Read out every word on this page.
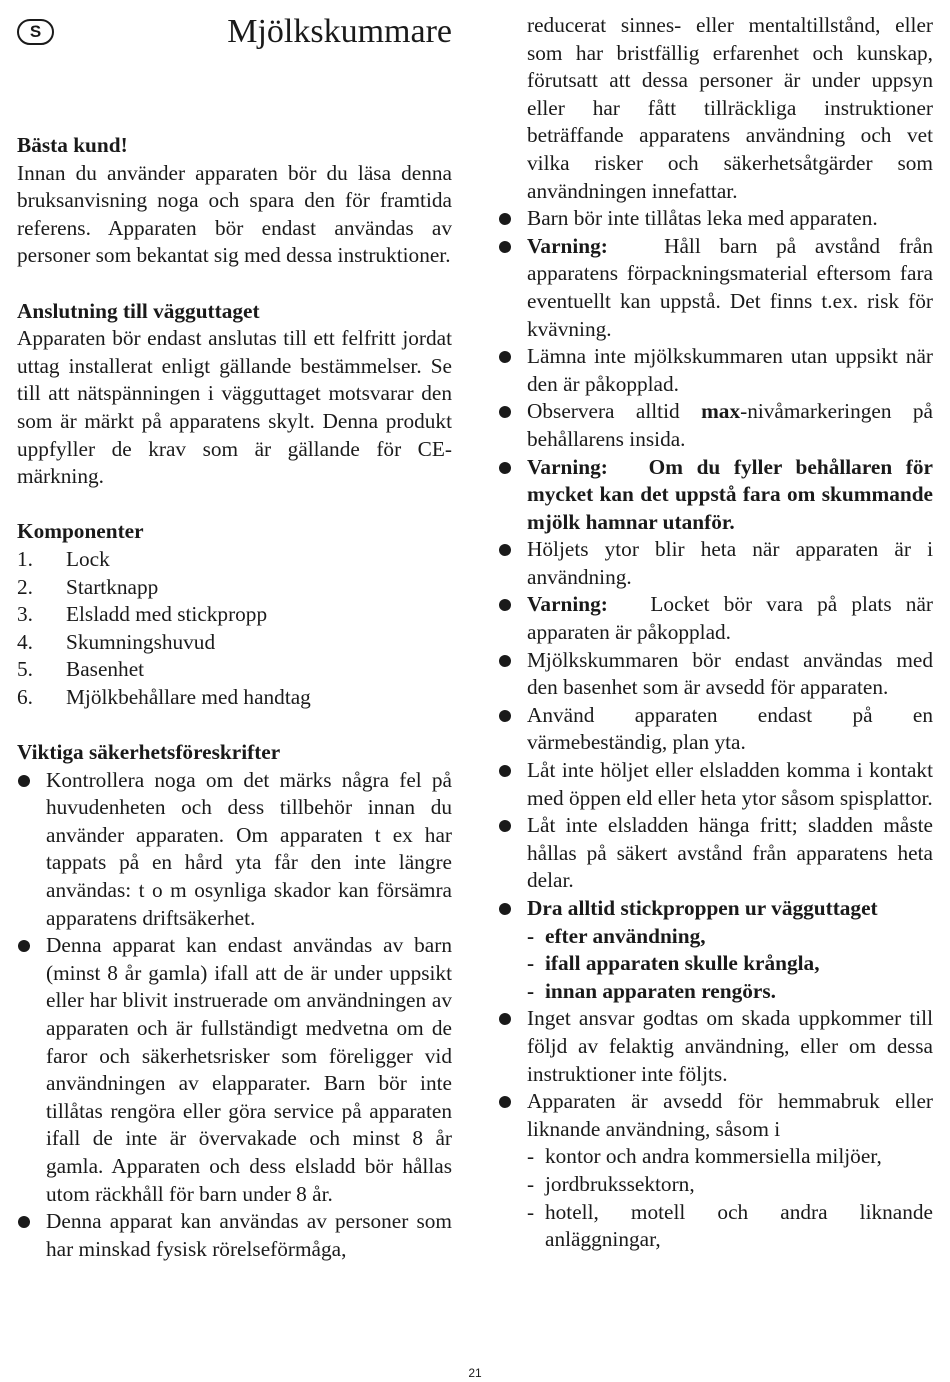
S	Mjölkskummare

Bästa kund!

Innan du använder apparaten bör du läsa denna bruksanvisning noga och spara den för framtida referens. Apparaten bör endast användas av personer som bekantat sig med dessa instruktioner.

Anslutning till vägguttaget

Apparaten bör endast anslutas till ett felfritt jordat uttag installerat enligt gällande bestämmelser. Se till att nätspänningen i vägguttaget motsvarar den som är märkt på apparatens skylt. Denna produkt uppfyller de krav som är gällande för CE-märkning.

Komponenter

1.	Lock
2.	Startknapp
3.	Elsladd med stickpropp
4.	Skumningshuvud
5.	Basenhet
6.	Mjölkbehållare med handtag

Viktiga säkerhetsföreskrifter

Kontrollera noga om det märks några fel på huvudenheten och dess tillbehör innan du använder apparaten. Om apparaten t ex har tappats på en hård yta får den inte längre användas: t o m osynliga skador kan försämra apparatens driftsäkerhet.
Denna apparat kan endast användas av barn (minst 8 år gamla) ifall att de är under uppsikt eller har blivit instruerade om användningen av apparaten och är fullständigt medvetna om de faror och säkerhetsrisker som föreligger vid användningen av elapparater. Barn bör inte tillåtas rengöra eller göra service på apparaten ifall de inte är övervakade och minst 8 år gamla. Apparaten och dess elsladd bör hållas utom räckhåll för barn under 8 år.
Denna apparat kan användas av personer som har minskad fysisk rörelseförmåga,
reducerat sinnes- eller mentaltillstånd, eller som har bristfällig erfarenhet och kunskap, förutsatt att dessa personer är under uppsyn eller har fått tillräckliga instruktioner beträffande apparatens användning och vet vilka risker och säkerhetsåtgärder som användningen innefattar.
Barn bör inte tillåtas leka med apparaten.
Varning:	Håll barn på avstånd från apparatens förpackningsmaterial eftersom fara eventuellt kan uppstå. Det finns t.ex. risk för kvävning.
Lämna inte mjölkskummaren utan uppsikt när den är påkopplad.
Observera alltid max-nivåmarkeringen på behållarens insida.
Varning: Om du fyller behållaren för mycket kan det uppstå fara om skummande mjölk hamnar utanför.
Höljets ytor blir heta när apparaten är i användning.
Varning: Locket bör vara på plats när apparaten är påkopplad.
Mjölkskummaren bör endast användas med den basenhet som är avsedd för apparaten.
Använd apparaten endast på en värmebeständig, plan yta.
Låt inte höljet eller elsladden komma i kontakt med öppen eld eller heta ytor såsom spisplattor.
Låt inte elsladden hänga fritt; sladden måste hållas på säkert avstånd från apparatens heta delar.
Dra alltid stickproppen ur vägguttaget
- efter användning,
- ifall apparaten skulle krångla,
- innan apparaten rengörs.
Inget ansvar godtas om skada uppkommer till följd av felaktig användning, eller om dessa instruktioner inte följts.
Apparaten är avsedd för hemmabruk eller liknande användning, såsom i
- kontor och andra kommersiella miljöer,
- jordbrukssektorn,
- hotell, motell och andra liknande anläggningar,
21
